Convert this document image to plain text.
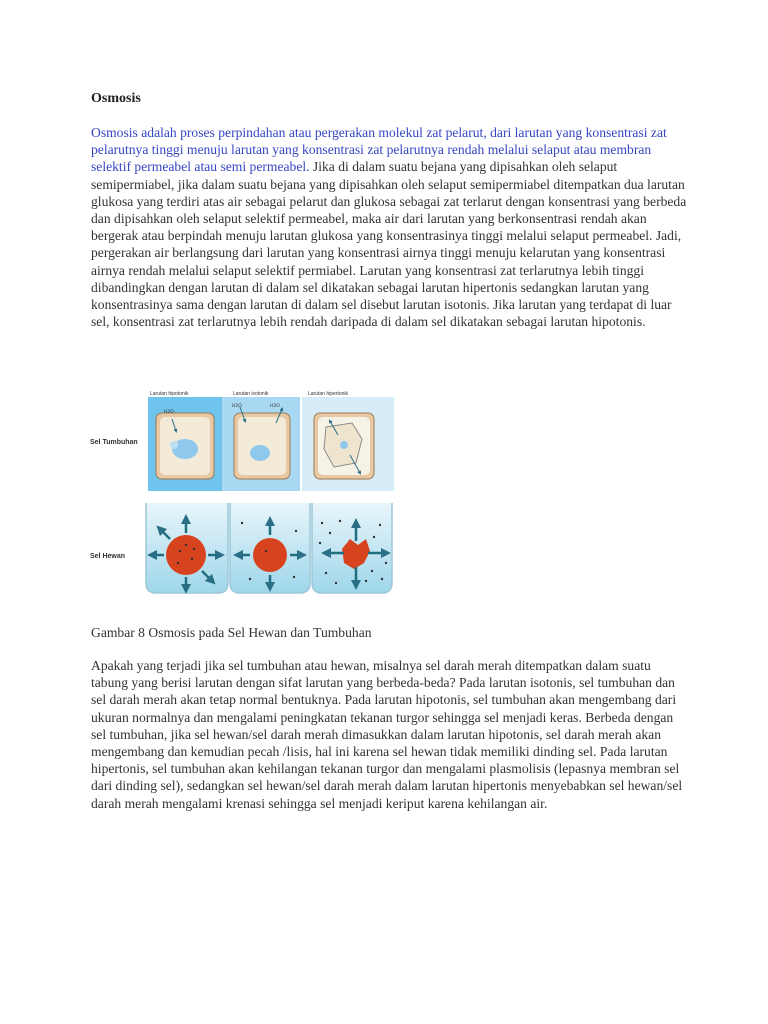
Osmosis

Osmosis adalah proses perpindahan atau pergerakan molekul zat pelarut, dari larutan yang konsentrasi zat pelarutnya tinggi menuju larutan yang konsentrasi zat pelarutnya rendah melalui selaput atau membran selektif permeabel atau semi permeabel. Jika di dalam suatu bejana yang dipisahkan oleh selaput semipermiabel, jika dalam suatu bejana yang dipisahkan oleh selaput semipermiabel ditempatkan dua larutan glukosa yang terdiri atas air sebagai pelarut dan glukosa sebagai zat terlarut dengan konsentrasi yang berbeda dan dipisahkan oleh selaput selektif permeabel, maka air dari larutan yang berkonsentrasi rendah akan bergerak atau berpindah menuju larutan glukosa yang konsentrasinya tinggi melalui selaput permeabel. Jadi, pergerakan air berlangsung dari larutan yang konsentrasi airnya tinggi menuju kelarutan yang konsentrasi airnya rendah melalui selaput selektif permiabel. Larutan yang konsentrasi zat terlarutnya lebih tinggi dibandingkan dengan larutan di dalam sel dikatakan sebagai larutan hipertonis sedangkan larutan yang konsentrasinya sama dengan larutan di dalam sel disebut larutan isotonis. Jika larutan yang terdapat di luar sel, konsentrasi zat terlarutnya lebih rendah daripada di dalam sel dikatakan sebagai larutan hipotonis.

H2O
H2O	H2O
Larutan hipotonik	Larutan isotonik	Larutan hipertonik
Sel Tumbuhan
Sel Hewan
Gambar 8 Osmosis pada Sel Hewan dan Tumbuhan

Apakah yang terjadi jika sel tumbuhan atau hewan, misalnya sel darah merah ditempatkan dalam suatu tabung yang berisi larutan dengan sifat larutan yang berbeda-beda? Pada larutan isotonis, sel tumbuhan dan sel darah merah akan tetap normal bentuknya. Pada larutan hipotonis, sel tumbuhan akan mengembang dari ukuran normalnya dan mengalami peningkatan tekanan turgor sehingga sel menjadi keras. Berbeda dengan sel tumbuhan, jika sel hewan/sel darah merah dimasukkan dalam larutan hipotonis, sel darah merah akan mengembang dan kemudian pecah /lisis, hal ini karena sel hewan tidak memiliki dinding sel. Pada larutan hipertonis, sel tumbuhan akan kehilangan tekanan turgor dan mengalami plasmolisis (lepasnya membran sel dari dinding sel), sedangkan sel hewan/sel darah merah dalam larutan hipertonis menyebabkan sel hewan/sel darah merah mengalami krenasi sehingga sel menjadi keriput karena kehilangan air.
